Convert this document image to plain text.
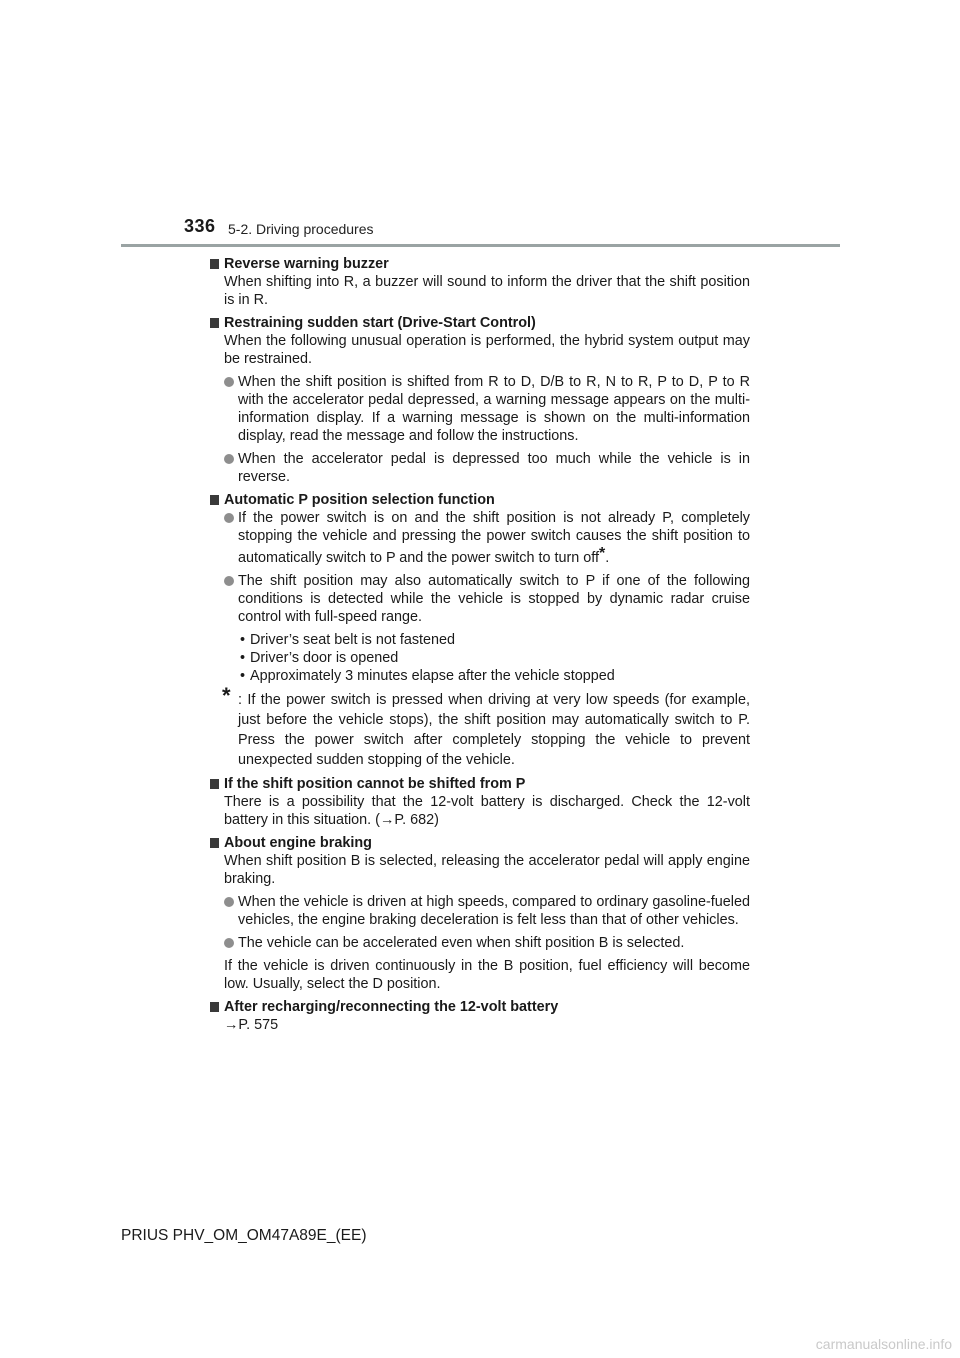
336 5-2. Driving procedures

Reverse warning buzzer

When shifting into R, a buzzer will sound to inform the driver that the shift position is in R.

Restraining sudden start (Drive-Start Control)

When the following unusual operation is performed, the hybrid system output may be restrained.

When the shift position is shifted from R to D, D/B to R, N to R, P to D, P to R with the accelerator pedal depressed, a warning message appears on the multi-information display. If a warning message is shown on the multi-information display, read the message and follow the instructions.

When the accelerator pedal is depressed too much while the vehicle is in reverse.

Automatic P position selection function

If the power switch is on and the shift position is not already P, completely stopping the vehicle and pressing the power switch causes the shift position to automatically switch to P and the power switch to turn off*.

The shift position may also automatically switch to P if one of the following conditions is detected while the vehicle is stopped by dynamic radar cruise control with full-speed range.

• Driver’s seat belt is not fastened

• Driver’s door is opened

• Approximately 3 minutes elapse after the vehicle stopped

* : If the power switch is pressed when driving at very low speeds (for example, just before the vehicle stops), the shift position may automatically switch to P. Press the power switch after completely stopping the vehicle to prevent unexpected sudden stopping of the vehicle.

If the shift position cannot be shifted from P

There is a possibility that the 12-volt battery is discharged. Check the 12-volt battery in this situation. (→P. 682)

About engine braking

When shift position B is selected, releasing the accelerator pedal will apply engine braking.

When the vehicle is driven at high speeds, compared to ordinary gasoline-fueled vehicles, the engine braking deceleration is felt less than that of other vehicles.

The vehicle can be accelerated even when shift position B is selected.

If the vehicle is driven continuously in the B position, fuel efficiency will become low. Usually, select the D position.

After recharging/reconnecting the 12-volt battery

→P. 575

PRIUS PHV_OM_OM47A89E_(EE)
carmanualsonline.info
